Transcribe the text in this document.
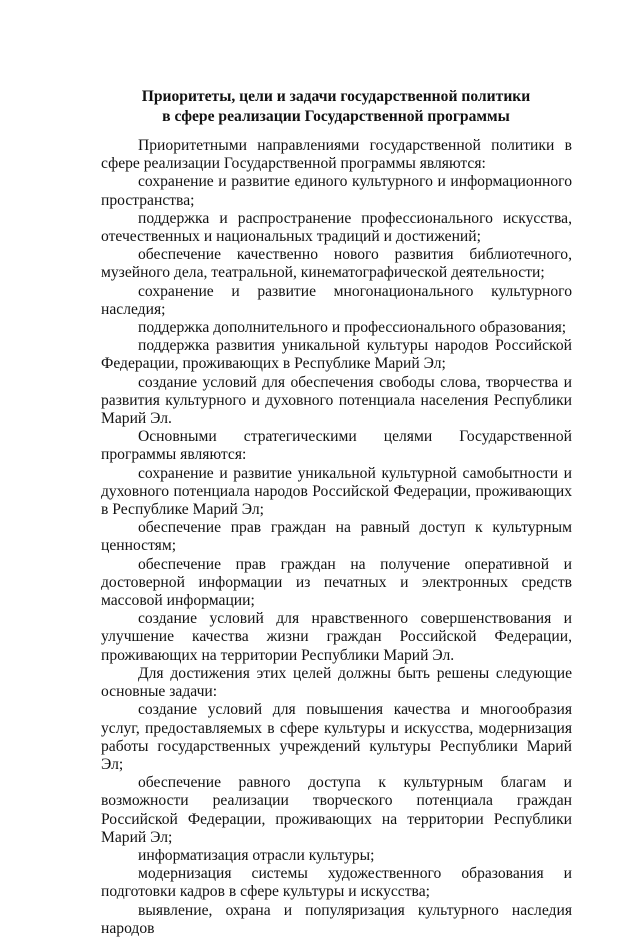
Приоритеты, цели и задачи государственной политики
в сфере реализации Государственной программы

Приоритетными направлениями государственной политики в сфере реализации Государственной программы являются:

сохранение и развитие единого культурного и информационного пространства;

поддержка и распространение профессионального искусства, отечественных и национальных традиций и достижений;

обеспечение качественно нового развития библиотечного, музейного дела, театральной, кинематографической деятельности;

сохранение и развитие многонационального культурного наследия;

поддержка дополнительного и профессионального образования;

поддержка развития уникальной культуры народов Российской Федерации, проживающих в Республике Марий Эл;

создание условий для обеспечения свободы слова, творчества и развития культурного и духовного потенциала населения Республики Марий Эл.

Основными стратегическими целями Государственной программы являются:

сохранение и развитие уникальной культурной самобытности и духовного потенциала народов Российской Федерации, проживающих в Республике Марий Эл;

обеспечение прав граждан на равный доступ к культурным ценностям;

обеспечение прав граждан на получение оперативной и достоверной информации из печатных и электронных средств массовой информации;

создание условий для нравственного совершенствования и улучшение качества жизни граждан Российской Федерации, проживающих на территории Республики Марий Эл.

Для достижения этих целей должны быть решены следующие основные задачи:

создание условий для повышения качества и многообразия услуг, предоставляемых в сфере культуры и искусства, модернизация работы государственных учреждений культуры Республики Марий Эл;

обеспечение равного доступа к культурным благам и возможности реализации творческого потенциала граждан Российской Федерации, проживающих на территории Республики Марий Эл;

информатизация отрасли культуры;

модернизация системы художественного образования и подготовки кадров в сфере культуры и искусства;

выявление, охрана и популяризация культурного наследия народов
